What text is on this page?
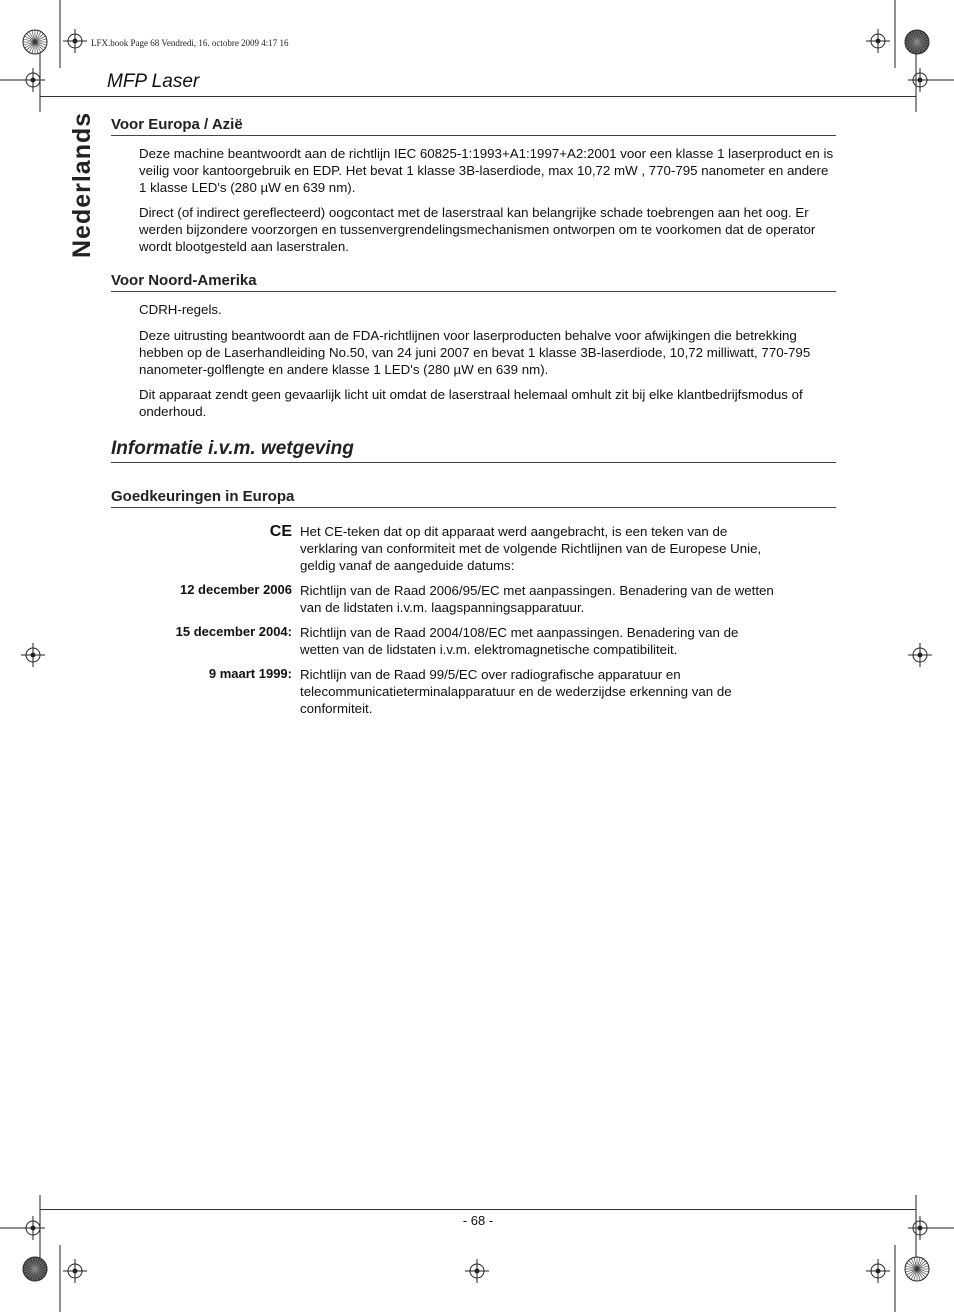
LFX.book Page 68 Vendredi, 16. octobre 2009 4:17 16
MFP Laser
Nederlands Voor Europa / Azië

Deze machine beantwoordt aan de richtlijn IEC 60825-1:1993+A1:1997+A2:2001 voor een klasse 1 laserproduct en is veilig voor kantoorgebruik en EDP. Het bevat 1 klasse 3B-laserdiode, max 10,72 mW , 770-795 nanometer en andere 1 klasse LED's (280 µW en 639 nm).

Direct (of indirect gereflecteerd) oogcontact met de laserstraal kan belangrijke schade toebrengen aan het oog. Er werden bijzondere voorzorgen en tussenvergrendelingsmechanismen ontworpen om te voorkomen dat de operator wordt blootgesteld aan laserstralen.

Voor Noord-Amerika

CDRH-regels.

Deze uitrusting beantwoordt aan de FDA-richtlijnen voor laserproducten behalve voor afwijkingen die betrekking hebben op de Laserhandleiding No.50, van 24 juni 2007 en bevat 1 klasse 3B-laserdiode, 10,72 milliwatt, 770-795 nanometer-golflengte en andere klasse 1 LED's (280 µW en 639 nm).

Dit apparaat zendt geen gevaarlijk licht uit omdat de laserstraal helemaal omhult zit bij elke klantbedrijfsmodus of onderhoud.

Informatie i.v.m. wetgeving
Goedkeuringen in Europa
CE Het CE-teken dat op dit apparaat werd aangebracht, is een teken van de verklaring van conformiteit met de volgende Richtlijnen van de Europese Unie, geldig vanaf de aangeduide datums:

12 december 2006 Richtlijn van de Raad 2006/95/EC met aanpassingen. Benadering van de wetten van de lidstaten i.v.m. laagspanningsapparatuur.

15 december 2004: Richtlijn van de Raad 2004/108/EC met aanpassingen. Benadering van de wetten van de lidstaten i.v.m. elektromagnetische compatibiliteit.

9 maart 1999: Richtlijn van de Raad 99/5/EC over radiografische apparatuur en telecommunicatieterminalapparatuur en de wederzijdse erkenning van de conformiteit.

- 68 -
